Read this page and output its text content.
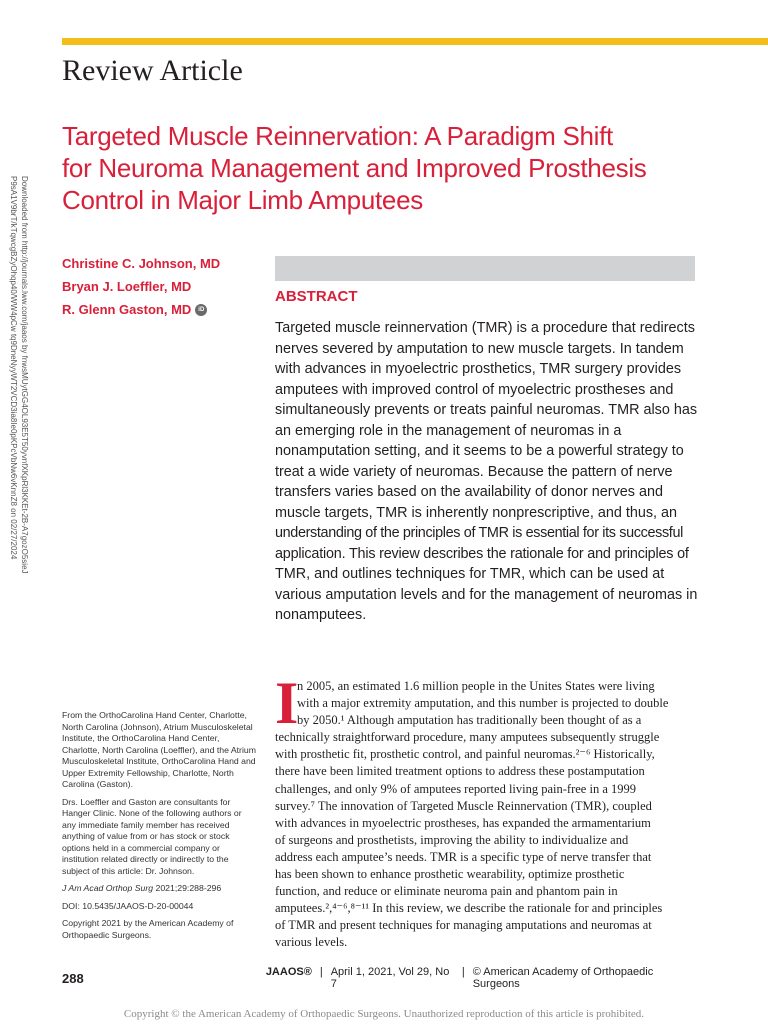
Review Article
Targeted Muscle Reinnervation: A Paradigm Shift
for Neuroma Management and Improved Prosthesis
Control in Major Limb Amputees
Downloaded from http://journals.lww.com/jaaos by fnwsMUytGG4OL93E5T50yvnfXKpRl3KKEt-2B-A7gozO5sieJ
P9sA1V9brT/kTqwcgBZyOhqp40/WW4pCw tq9DneNyyWT2VCD3ia8Ie0pKPcVbNw6vKnnZ8 on 02/27/2024	Christine C. Johnson, MD
Bryan J. Loeffler, MD
R. Glenn Gaston, MD	iD
ABSTRACT
Targeted muscle reinnervation (TMR) is a procedure that redirects
nerves severed by amputation to new muscle targets. In tandem
with advances in myoelectric prosthetics, TMR surgery provides
amputees with improved control of myoelectric prostheses and
simultaneously prevents or treats painful neuromas. TMR also has
an emerging role in the management of neuromas in a
nonamputation setting, and it seems to be a powerful strategy to
treat a wide variety of neuromas. Because the pattern of nerve
transfers varies based on the availability of donor nerves and
muscle targets, TMR is inherently nonprescriptive, and thus, an
understanding of the principles of TMR is essential for its successful
application. This review describes the rationale for and principles of
TMR, and outlines techniques for TMR, which can be used at
various amputation levels and for the management of neuromas in
nonamputees.

From the OrthoCarolina Hand Center, Charlotte, North Carolina (Johnson), Atrium Musculoskeletal Institute, the OrthoCarolina Hand Center, Charlotte, North Carolina (Loeffler), and the Atrium Musculoskeletal Institute, OrthoCarolina Hand and Upper Extremity Fellowship, Charlotte, North Carolina (Gaston).

Drs. Loeffler and Gaston are consultants for Hanger Clinic. None of the following authors or any immediate family member has received anything of value from or has stock or stock options held in a commercial company or institution related directly or indirectly to the subject of this article: Dr. Johnson.

J Am Acad Orthop Surg 2021;29:288-296

DOI: 10.5435/JAAOS-D-20-00044

Copyright 2021 by the American Academy of Orthopaedic Surgeons.

I
n 2005, an estimated 1.6 million people in the Unites States were living
with a major extremity amputation, and this number is projected to double
by 2050.¹ Although amputation has traditionally been thought of as a
technically straightforward procedure, many amputees subsequently struggle
with prosthetic fit, prosthetic control, and painful neuromas.²⁻⁶ Historically,
there have been limited treatment options to address these postamputation
challenges, and only 9% of amputees reported living pain-free in a 1999
survey.⁷ The innovation of Targeted Muscle Reinnervation (TMR), coupled
with advances in myoelectric prostheses, has expanded the armamentarium
of surgeons and prosthetists, improving the ability to individualize and
address each amputee’s needs. TMR is a specific type of nerve transfer that
has been shown to enhance prosthetic wearability, optimize prosthetic
function, and reduce or eliminate neuroma pain and phantom pain in
amputees.²,⁴⁻⁶,⁸⁻¹¹ In this review, we describe the rationale for and principles
of TMR and present techniques for managing amputations and neuromas at
various levels.
288	JAAOS® | April 1, 2021, Vol 29, No 7
| © American Academy of Orthopaedic Surgeons
Copyright © the American Academy of Orthopaedic Surgeons. Unauthorized reproduction of this article is prohibited.
